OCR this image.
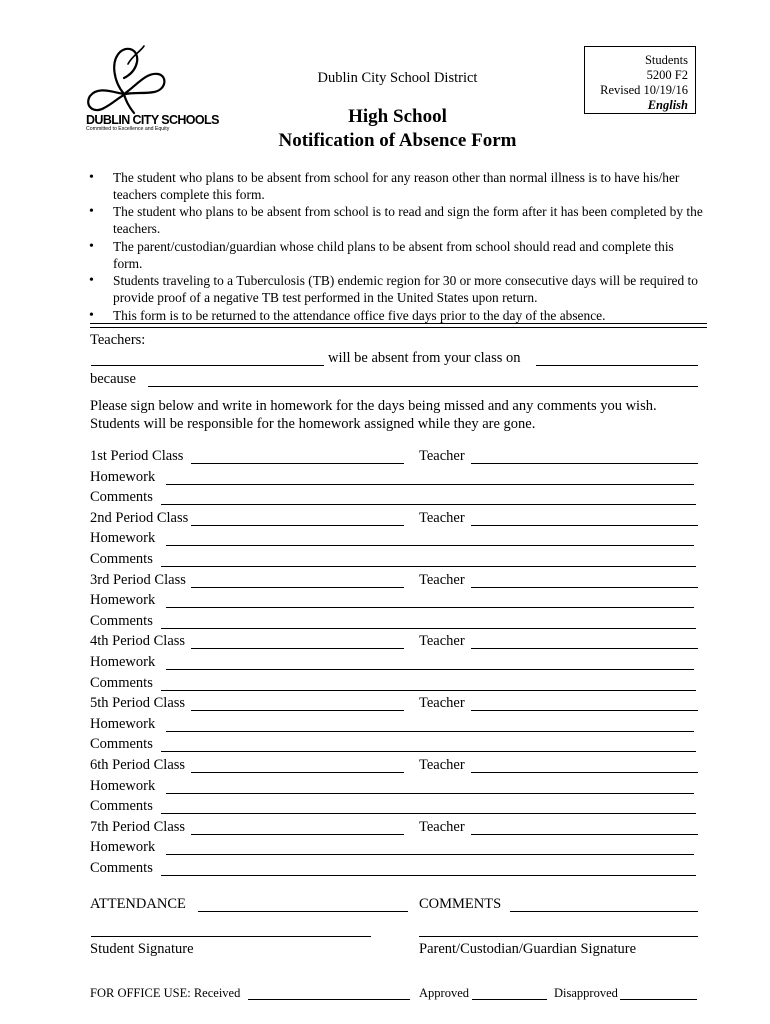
DUBLIN CITY SCHOOLS
Committed to Excellence and Equity
Dublin City School District
High School
Notification of Absence Form
Students
5200 F2
Revised 10/19/16
English
• The student who plans to be absent from school for any reason other than normal illness is to have his/her teachers complete this form.
• The student who plans to be absent from school is to read and sign the form after it has been completed by the teachers.
• The parent/custodian/guardian whose child plans to be absent from school should read and complete this form.
• Students traveling to a Tuberculosis (TB) endemic region for 30 or more consecutive days will be required to provide proof of a negative TB test performed in the United States upon return.
• This form is to be returned to the attendance office five days prior to the day of the absence.
Teachers:
will be absent from your class on
because
Please sign below and write in homework for the days being missed and any comments you wish.
Students will be responsible for the homework assigned while they are gone.
1st Period Class	Teacher
Homework
Comments
2nd Period Class	Teacher
Homework
Comments
3rd Period Class	Teacher
Homework
Comments
4th Period Class	Teacher
Homework
Comments
5th Period Class	Teacher
Homework
Comments
6th Period Class	Teacher
Homework
Comments
7th Period Class	Teacher
Homework
Comments
ATTENDANCE	COMMENTS
Student Signature	Parent/Custodian/Guardian Signature
FOR OFFICE USE: Received	Approved	Disapproved
